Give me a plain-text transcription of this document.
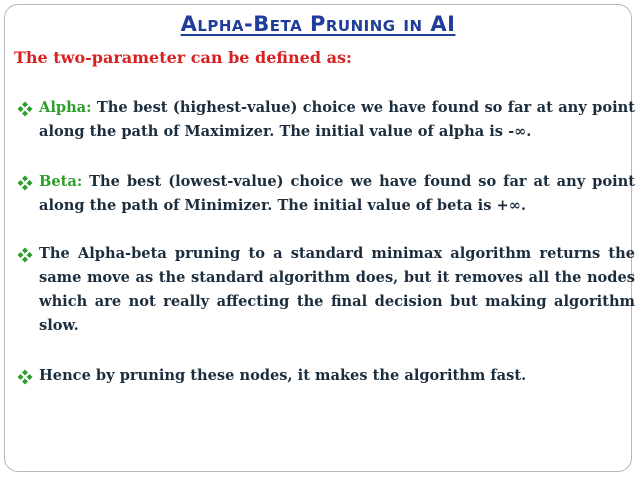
Alpha-Beta Pruning in AI
The two-parameter can be defined as:
Alpha: The best (highest-value) choice we have found so far at any point along the path of Maximizer. The initial value of alpha is -∞.
Beta: The best (lowest-value) choice we have found so far at any point along the path of Minimizer. The initial value of beta is +∞.
The Alpha-beta pruning to a standard minimax algorithm returns the same move as the standard algorithm does, but it removes all the nodes which are not really affecting the final decision but making algorithm slow.
Hence by pruning these nodes, it makes the algorithm fast.
